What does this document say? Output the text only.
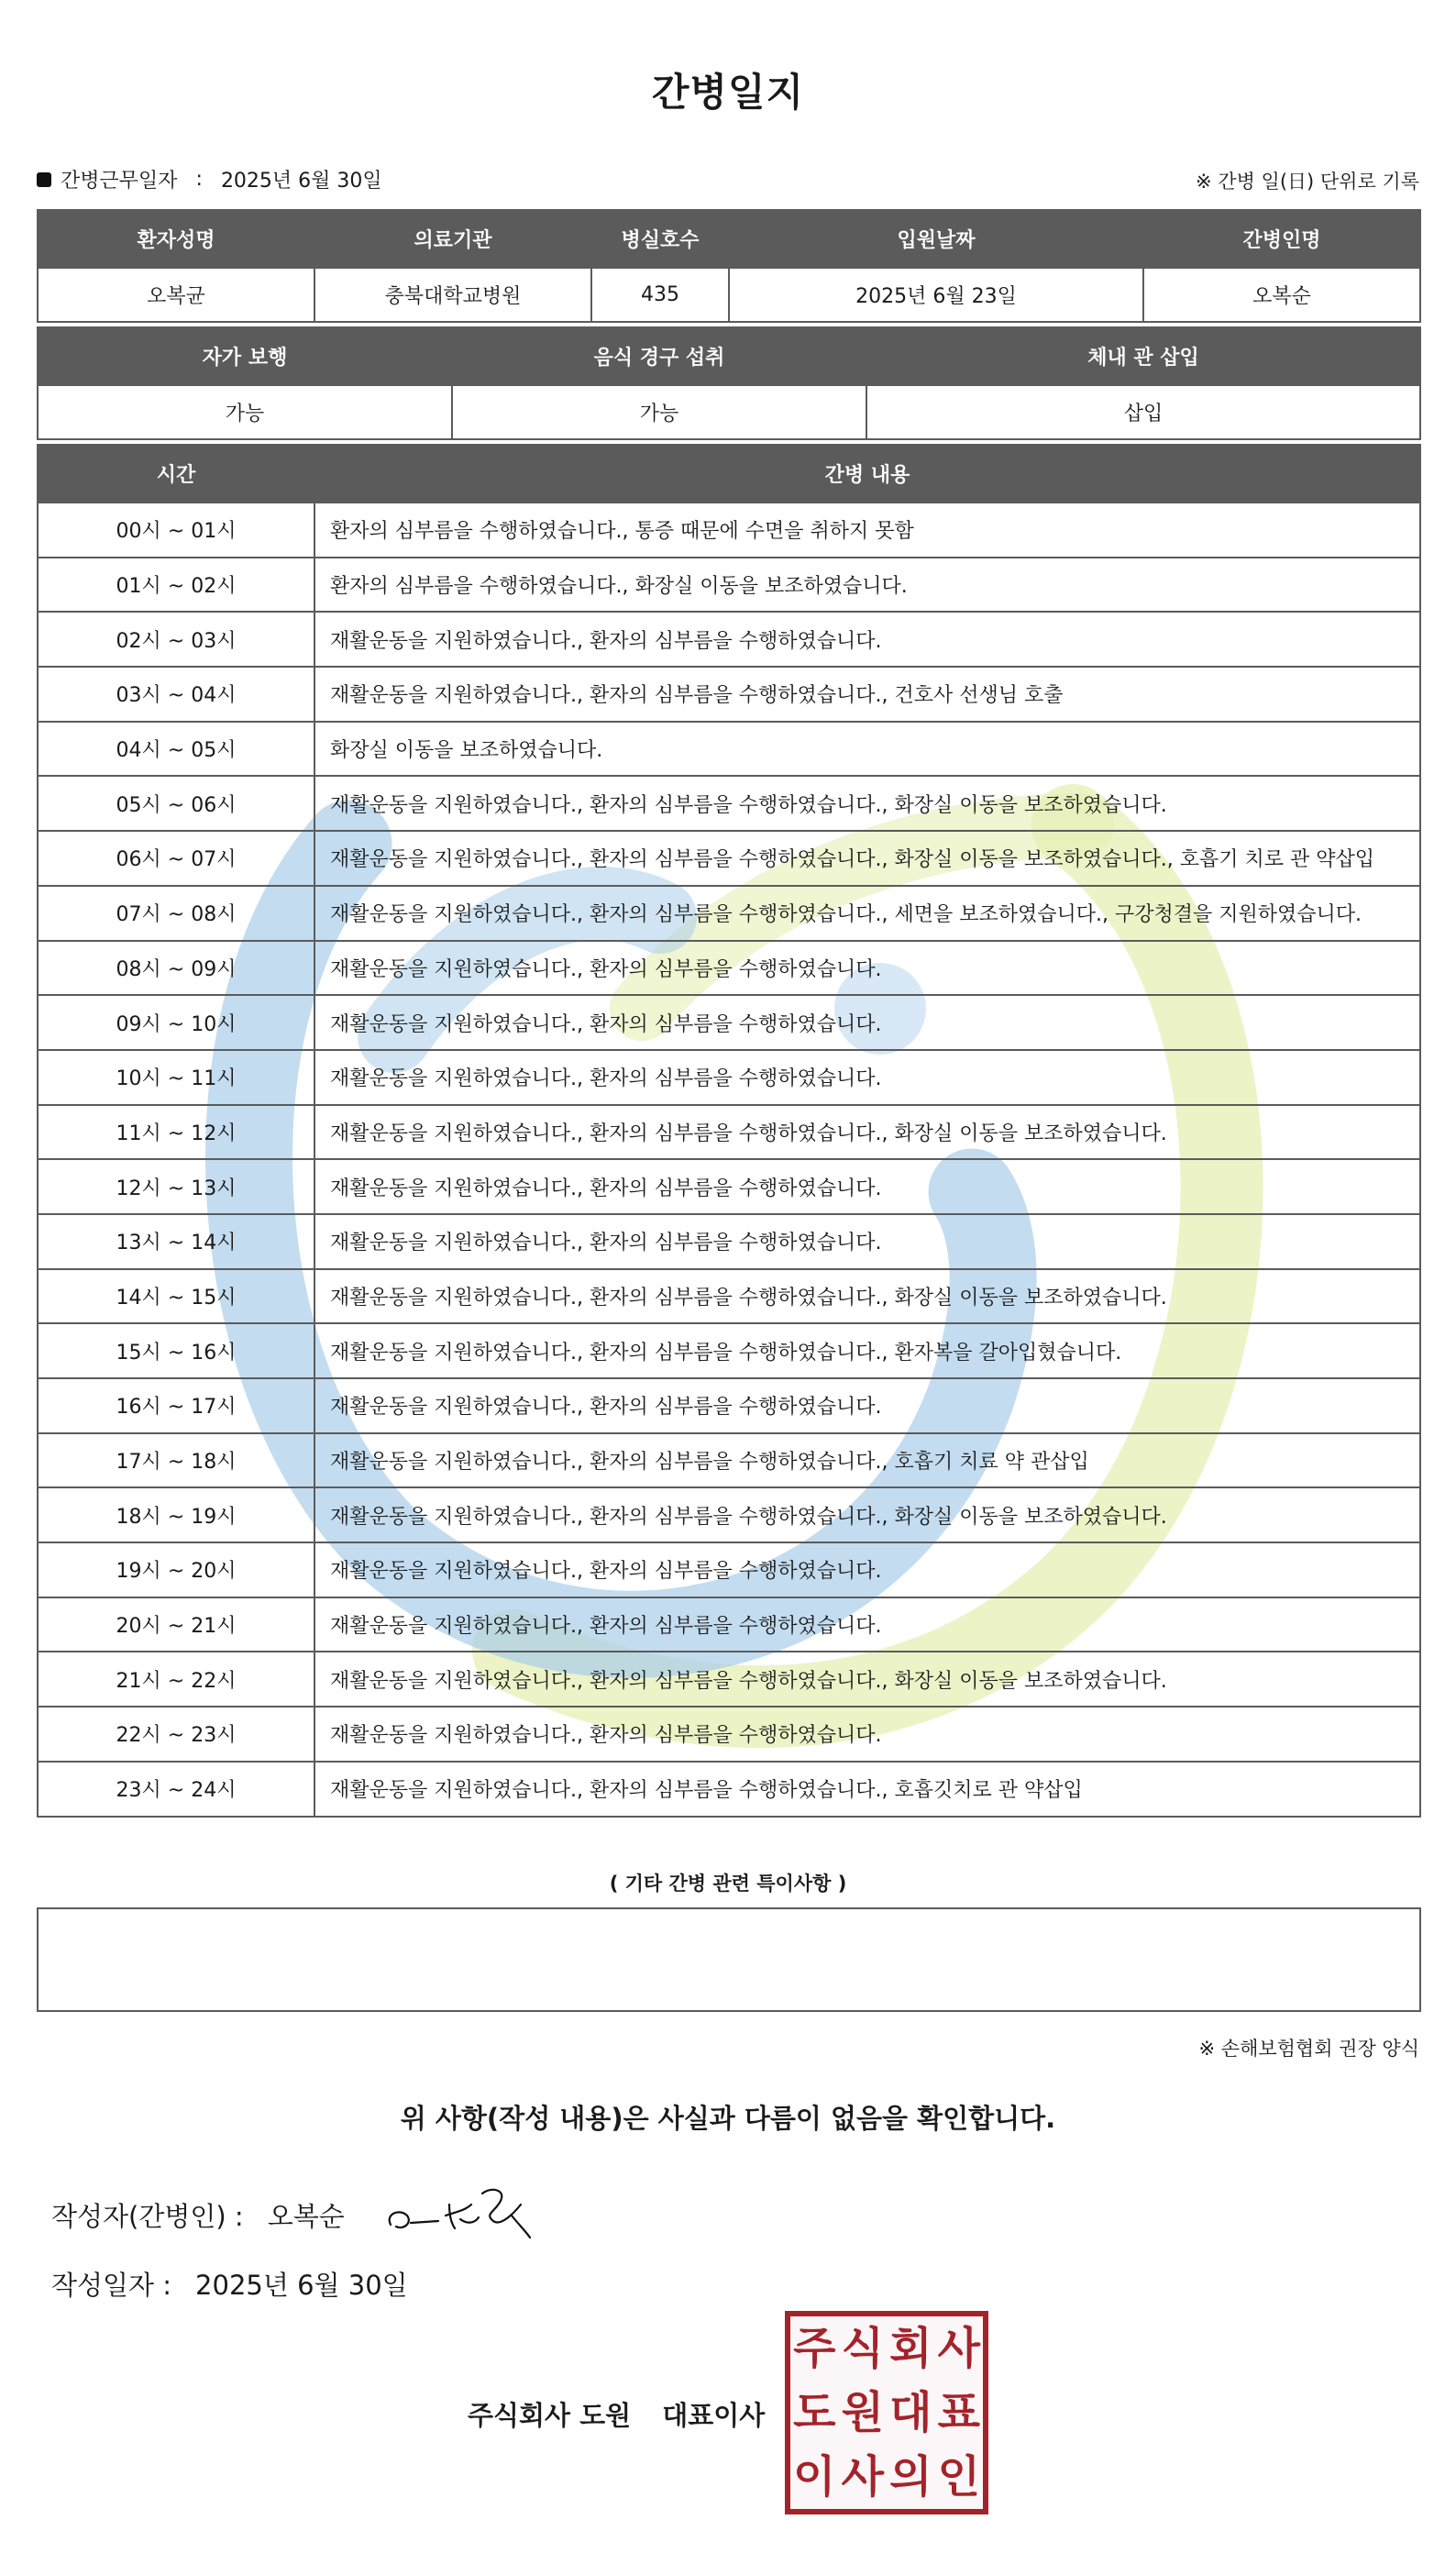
간병일지
간병근무일자 : 2025년 6월 30일	※ 간병 일(日) 단위로 기록
환자성명	의료기관	병실호수	입원날짜	간병인명
오복균	충북대학교병원	435	2025년 6월 23일	오복순
자가 보행	음식 경구 섭취	체내 관 삽입
가능	가능	삽입
시간	간병 내용
00시 ~ 01시	환자의 심부름을 수행하였습니다., 통증 때문에 수면을 취하지 못함
01시 ~ 02시	환자의 심부름을 수행하였습니다., 화장실 이동을 보조하였습니다.
02시 ~ 03시	재활운동을 지원하였습니다., 환자의 심부름을 수행하였습니다.
03시 ~ 04시	재활운동을 지원하였습니다., 환자의 심부름을 수행하였습니다., 건호사 선생님 호출
04시 ~ 05시	화장실 이동을 보조하였습니다.
05시 ~ 06시	재활운동을 지원하였습니다., 환자의 심부름을 수행하였습니다., 화장실 이동을 보조하였습니다.
06시 ~ 07시	재활운동을 지원하였습니다., 환자의 심부름을 수행하였습니다., 화장실 이동을 보조하였습니다., 호흡기 치로 관 약삽입
07시 ~ 08시	재활운동을 지원하였습니다., 환자의 심부름을 수행하였습니다., 세면을 보조하였습니다., 구강청결을 지원하였습니다.
08시 ~ 09시	재활운동을 지원하였습니다., 환자의 심부름을 수행하였습니다.
09시 ~ 10시	재활운동을 지원하였습니다., 환자의 심부름을 수행하였습니다.
10시 ~ 11시	재활운동을 지원하였습니다., 환자의 심부름을 수행하였습니다.
11시 ~ 12시	재활운동을 지원하였습니다., 환자의 심부름을 수행하였습니다., 화장실 이동을 보조하였습니다.
12시 ~ 13시	재활운동을 지원하였습니다., 환자의 심부름을 수행하였습니다.
13시 ~ 14시	재활운동을 지원하였습니다., 환자의 심부름을 수행하였습니다.
14시 ~ 15시	재활운동을 지원하였습니다., 환자의 심부름을 수행하였습니다., 화장실 이동을 보조하였습니다.
15시 ~ 16시	재활운동을 지원하였습니다., 환자의 심부름을 수행하였습니다., 환자복을 갈아입혔습니다.
16시 ~ 17시	재활운동을 지원하였습니다., 환자의 심부름을 수행하였습니다.
17시 ~ 18시	재활운동을 지원하였습니다., 환자의 심부름을 수행하였습니다., 호흡기 치료 약 관삽입
18시 ~ 19시	재활운동을 지원하였습니다., 환자의 심부름을 수행하였습니다., 화장실 이동을 보조하였습니다.
19시 ~ 20시	재활운동을 지원하였습니다., 환자의 심부름을 수행하였습니다.
20시 ~ 21시	재활운동을 지원하였습니다., 환자의 심부름을 수행하였습니다.
21시 ~ 22시	재활운동을 지원하였습니다., 환자의 심부름을 수행하였습니다., 화장실 이동을 보조하였습니다.
22시 ~ 23시	재활운동을 지원하였습니다., 환자의 심부름을 수행하였습니다.
23시 ~ 24시	재활운동을 지원하였습니다., 환자의 심부름을 수행하였습니다., 호흡깃치로 관 약삽입
( 기타 간병 관련 특이사항 )
※ 손해보험협회 권장 양식
위 사항(작성 내용)은 사실과 다름이 없음을 확인합니다.
작성자(간병인) : 오복순
작성일자 : 2025년 6월 30일
주식회사 도원 대표이사
주 식 회 사
도 원 대 표
이 사 의 인
